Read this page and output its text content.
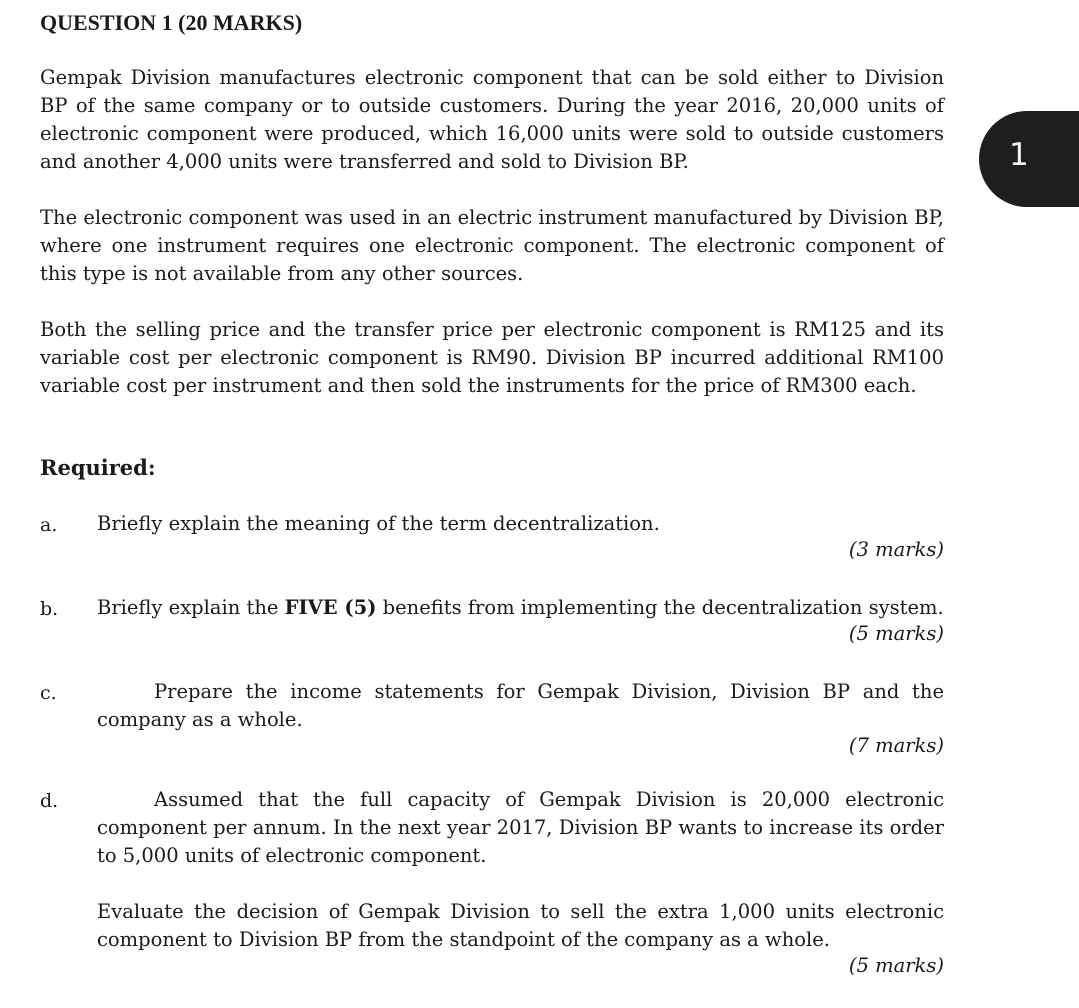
QUESTION 1 (20 MARKS)
Gempak Division manufactures electronic component that can be sold either to Division BP of the same company or to outside customers. During the year 2016, 20,000 units of electronic component were produced, which 16,000 units were sold to outside customers and another 4,000 units were transferred and sold to Division BP.
The electronic component was used in an electric instrument manufactured by Division BP, where one instrument requires one electronic component. The electronic component of this type is not available from any other sources.
Both the selling price and the transfer price per electronic component is RM125 and its variable cost per electronic component is RM90. Division BP incurred additional RM100 variable cost per instrument and then sold the instruments for the price of RM300 each.
Required:
a. Briefly explain the meaning of the term decentralization.
(3 marks)
b. Briefly explain the FIVE (5) benefits from implementing the decentralization system.
(5 marks)
c.	Prepare the income statements for Gempak Division, Division BP and the company as a whole.
(7 marks)
d.	Assumed that the full capacity of Gempak Division is 20,000 electronic component per annum. In the next year 2017, Division BP wants to increase its order to 5,000 units of electronic component.
Evaluate the decision of Gempak Division to sell the extra 1,000 units electronic component to Division BP from the standpoint of the company as a whole.
(5 marks)
1
